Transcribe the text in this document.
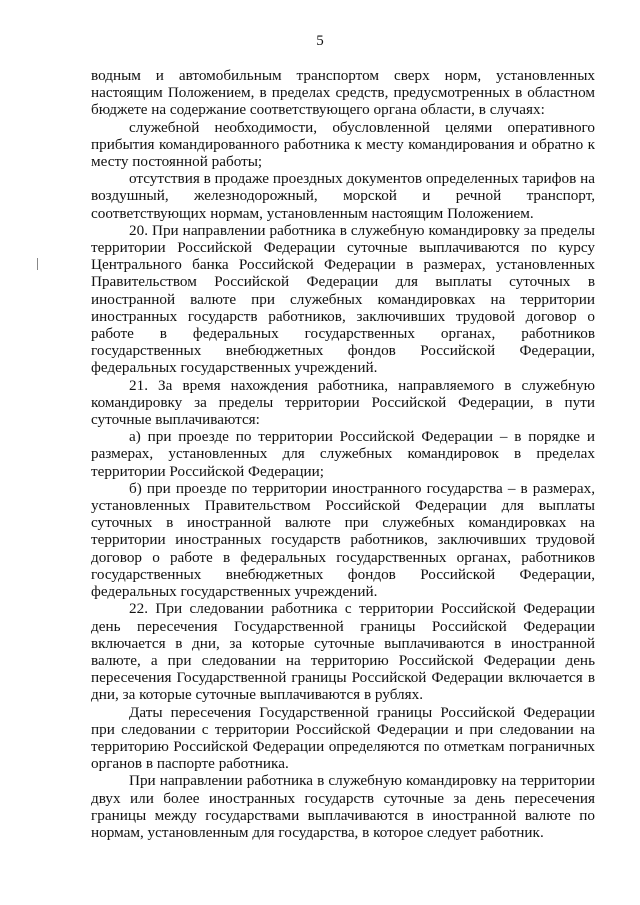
5

водным и автомобильным транспортом сверх норм, установленных настоящим Положением, в пределах средств, предусмотренных в областном бюджете на содержание соответствующего органа области, в случаях:

служебной необходимости, обусловленной целями оперативного прибытия командированного работника к месту командирования и обратно к месту постоянной работы;

отсутствия в продаже проездных документов определенных тарифов на воздушный, железнодорожный, морской и речной транспорт, соответствующих нормам, установленным настоящим Положением.

20. При направлении работника в служебную командировку за пределы территории Российской Федерации суточные выплачиваются по курсу Центрального банка Российской Федерации в размерах, установленных Правительством Российской Федерации для выплаты суточных в иностранной валюте при служебных командировках на территории иностранных государств работников, заключивших трудовой договор о работе в федеральных государственных органах, работников государственных внебюджетных фондов Российской Федерации, федеральных государственных учреждений.

21. За время нахождения работника, направляемого в служебную командировку за пределы территории Российской Федерации, в пути суточные выплачиваются:

а) при проезде по территории Российской Федерации – в порядке и размерах, установленных для служебных командировок в пределах территории Российской Федерации;

б) при проезде по территории иностранного государства – в размерах, установленных Правительством Российской Федерации для выплаты суточных в иностранной валюте при служебных командировках на территории иностранных государств работников, заключивших трудовой договор о работе в федеральных государственных органах, работников государственных внебюджетных фондов Российской Федерации, федеральных государственных учреждений.

22. При следовании работника с территории Российской Федерации день пересечения Государственной границы Российской Федерации включается в дни, за которые суточные выплачиваются в иностранной валюте, а при следовании на территорию Российской Федерации день пересечения Государственной границы Российской Федерации включается в дни, за которые суточные выплачиваются в рублях.

Даты пересечения Государственной границы Российской Федерации при следовании с территории Российской Федерации и при следовании на территорию Российской Федерации определяются по отметкам пограничных органов в паспорте работника.

При направлении работника в служебную командировку на территории двух или более иностранных государств суточные за день пересечения границы между государствами выплачиваются в иностранной валюте по нормам, установленным для государства, в которое следует работник.
